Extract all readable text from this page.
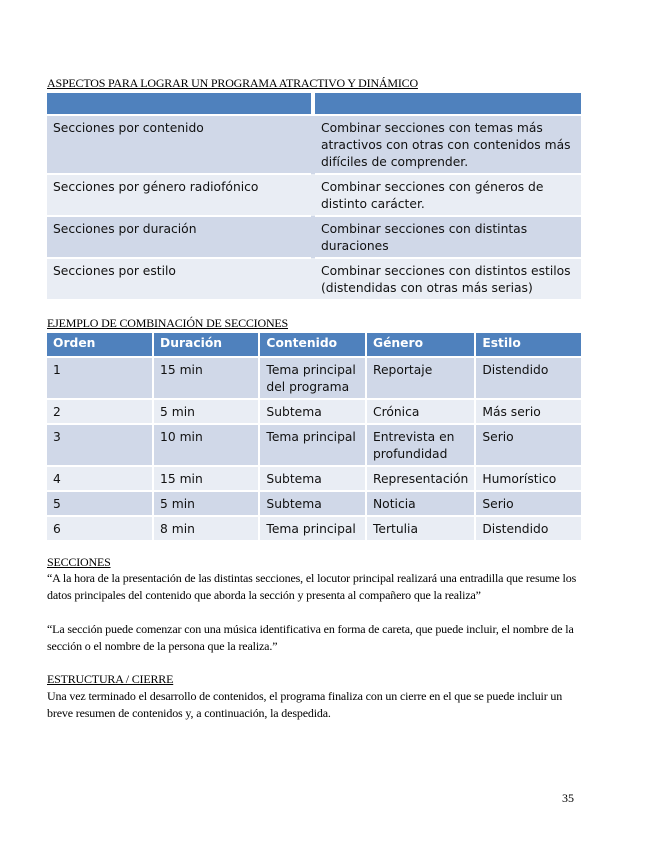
ASPECTOS PARA LOGRAR UN PROGRAMA ATRACTIVO Y DINÁMICO

Secciones por contenido	Combinar secciones con temas más atractivos con otras con contenidos más difíciles de comprender.
Secciones por género radiofónico	Combinar secciones con géneros de distinto carácter.
Secciones por duración	Combinar secciones con distintas duraciones
Secciones por estilo	Combinar secciones con distintos estilos (distendidas con otras más serias)
EJEMPLO DE COMBINACIÓN DE SECCIONES
Orden	Duración	Contenido	Género	Estilo
1	15 min	Tema principal del programa	Reportaje	Distendido
2	5 min	Subtema	Crónica	Más serio
3	10 min	Tema principal	Entrevista en profundidad	Serio
4	15 min	Subtema	Representación	Humorístico
5	5 min	Subtema	Noticia	Serio
6	8 min	Tema principal	Tertulia	Distendido
SECCIONES
“A la hora de la presentación de las distintas secciones, el locutor principal realizará una entradilla que resume los datos principales del contenido que aborda la sección y presenta al compañero que la realiza”
“La sección puede comenzar con una música identificativa en forma de careta, que puede incluir, el nombre de la sección o el nombre de la persona que la realiza.”
ESTRUCTURA / CIERRE
Una vez terminado el desarrollo de contenidos, el programa finaliza con un cierre en el que se puede incluir un breve resumen de contenidos y, a continuación, la despedida.
35
